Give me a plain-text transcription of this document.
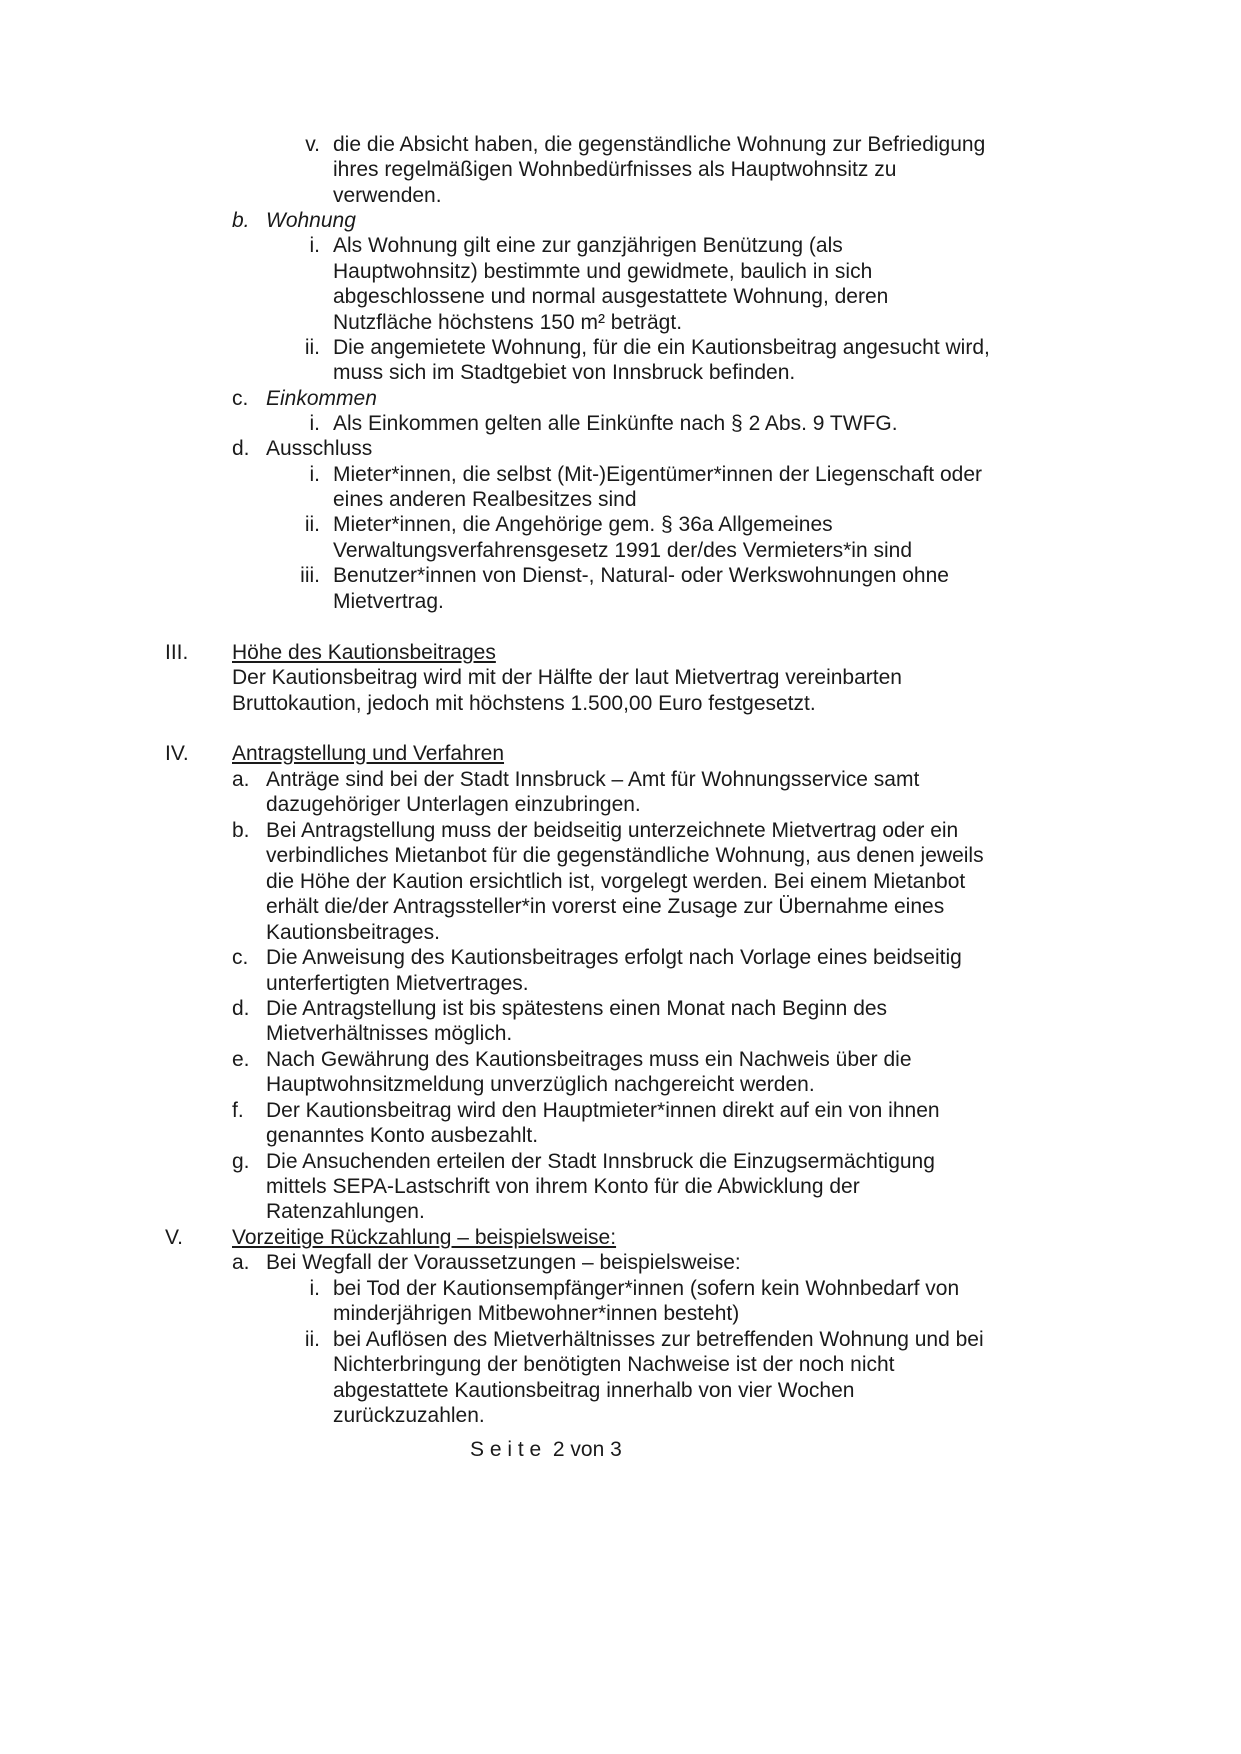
v. die die Absicht haben, die gegenständliche Wohnung zur Befriedigung
ihres regelmäßigen Wohnbedürfnisses als Hauptwohnsitz zu
verwenden.
b. Wohnung
i. Als Wohnung gilt eine zur ganzjährigen Benützung (als
Hauptwohnsitz) bestimmte und gewidmete, baulich in sich
abgeschlossene und normal ausgestattete Wohnung, deren
Nutzfläche höchstens 150 m² beträgt.
ii. Die angemietete Wohnung, für die ein Kautionsbeitrag angesucht wird,
muss sich im Stadtgebiet von Innsbruck befinden.
c. Einkommen
i. Als Einkommen gelten alle Einkünfte nach § 2 Abs. 9 TWFG.
d. Ausschluss
i. Mieter*innen, die selbst (Mit-)Eigentümer*innen der Liegenschaft oder
eines anderen Realbesitzes sind
ii. Mieter*innen, die Angehörige gem. § 36a Allgemeines
Verwaltungsverfahrensgesetz 1991 der/des Vermieters*in sind
iii. Benutzer*innen von Dienst-, Natural- oder Werkswohnungen ohne
Mietvertrag.
III. Höhe des Kautionsbeitrages
Der Kautionsbeitrag wird mit der Hälfte der laut Mietvertrag vereinbarten
Bruttokaution, jedoch mit höchstens 1.500,00 Euro festgesetzt.
IV. Antragstellung und Verfahren
a. Anträge sind bei der Stadt Innsbruck – Amt für Wohnungsservice samt
dazugehöriger Unterlagen einzubringen.
b. Bei Antragstellung muss der beidseitig unterzeichnete Mietvertrag oder ein
verbindliches Mietanbot für die gegenständliche Wohnung, aus denen jeweils
die Höhe der Kaution ersichtlich ist, vorgelegt werden. Bei einem Mietanbot
erhält die/der Antragssteller*in vorerst eine Zusage zur Übernahme eines
Kautionsbeitrages.
c. Die Anweisung des Kautionsbeitrages erfolgt nach Vorlage eines beidseitig
unterfertigten Mietvertrages.
d. Die Antragstellung ist bis spätestens einen Monat nach Beginn des
Mietverhältnisses möglich.
e. Nach Gewährung des Kautionsbeitrages muss ein Nachweis über die
Hauptwohnsitzmeldung unverzüglich nachgereicht werden.
f. Der Kautionsbeitrag wird den Hauptmieter*innen direkt auf ein von ihnen
genanntes Konto ausbezahlt.
g. Die Ansuchenden erteilen der Stadt Innsbruck die Einzugsermächtigung
mittels SEPA-Lastschrift von ihrem Konto für die Abwicklung der
Ratenzahlungen.
V. Vorzeitige Rückzahlung – beispielsweise:
a. Bei Wegfall der Voraussetzungen – beispielsweise:
i. bei Tod der Kautionsempfänger*innen (sofern kein Wohnbedarf von
minderjährigen Mitbewohner*innen besteht)
ii. bei Auflösen des Mietverhältnisses zur betreffenden Wohnung und bei
Nichterbringung der benötigten Nachweise ist der noch nicht
abgestattete Kautionsbeitrag innerhalb von vier Wochen
zurückzuzahlen.
S e i t e  2 von 3
